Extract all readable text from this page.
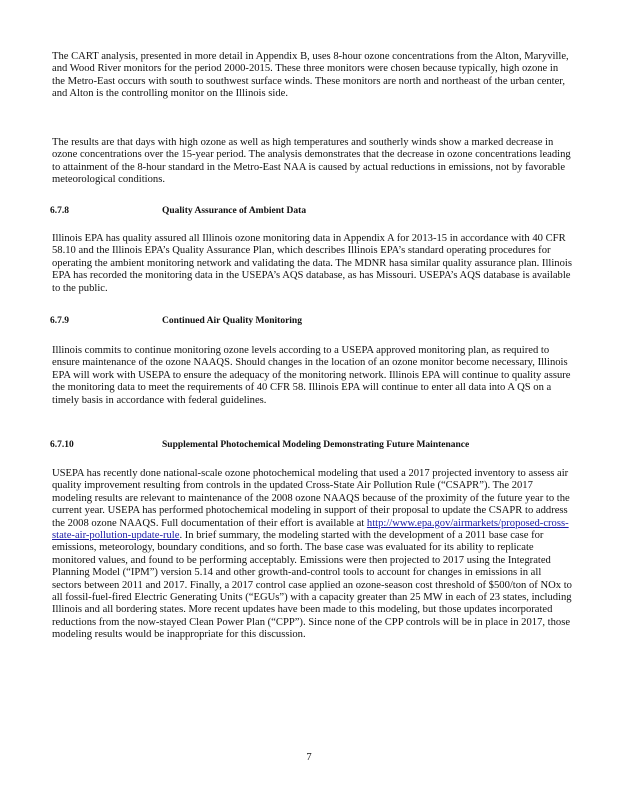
The CART analysis, presented in more detail in Appendix B, uses 8-hour ozone concentrations from the Alton, Maryville, and Wood River monitors for the period 2000-2015. These three monitors were chosen because typically, high ozone in the Metro-East occurs with south to southwest surface winds. These monitors are north and northeast of the urban center, and Alton is the controlling monitor on the Illinois side.

The results are that days with high ozone as well as high temperatures and southerly winds show a marked decrease in ozone concentrations over the 15-year period. The analysis demonstrates that the decrease in ozone concentrations leading to attainment of the 8-hour standard in the Metro-East NAA is caused by actual reductions in emissions, not by favorable meteorological conditions.

6.7.8	Quality Assurance of Ambient Data

Illinois EPA has quality assured all Illinois ozone monitoring data in Appendix A for 2013-15 in accordance with 40 CFR 58.10 and the Illinois EPA’s Quality Assurance Plan, which describes Illinois EPA’s standard operating procedures for operating the ambient monitoring network and validating the data. The MDNR hasa similar quality assurance plan. Illinois EPA has recorded the monitoring data in the USEPA’s AQS database, as has Missouri. USEPA’s AQS database is available to the public.

6.7.9	Continued Air Quality Monitoring

Illinois commits to continue monitoring ozone levels according to a USEPA approved monitoring plan, as required to ensure maintenance of the ozone NAAQS. Should changes in the location of an ozone monitor become necessary, Illinois EPA will work with USEPA to ensure the adequacy of the monitoring network. Illinois EPA will continue to quality assure the monitoring data to meet the requirements of 40 CFR 58. Illinois EPA will continue to enter all data into A QS on a timely basis in accordance with federal guidelines.

6.7.10	Supplemental Photochemical Modeling Demonstrating Future Maintenance

USEPA has recently done national-scale ozone photochemical modeling that used a 2017 projected inventory to assess air quality improvement resulting from controls in the updated Cross-State Air Pollution Rule (“CSAPR”). The 2017 modeling results are relevant to maintenance of the 2008 ozone NAAQS because of the proximity of the future year to the current year. USEPA has performed photochemical modeling in support of their proposal to update the CSAPR to address the 2008 ozone NAAQS. Full documentation of their effort is available at http://www.epa.gov/airmarkets/proposed-cross-state-air-pollution-update-rule. In brief summary, the modeling started with the development of a 2011 base case for emissions, meteorology, boundary conditions, and so forth. The base case was evaluated for its ability to replicate monitored values, and found to be performing acceptably. Emissions were then projected to 2017 using the Integrated Planning Model (“IPM”) version 5.14 and other growth-and-control tools to account for changes in emissions in all sectors between 2011 and 2017. Finally, a 2017 control case applied an ozone-season cost threshold of $500/ton of NOx to all fossil-fuel-fired Electric Generating Units (“EGUs”) with a capacity greater than 25 MW in each of 23 states, including Illinois and all bordering states. More recent updates have been made to this modeling, but those updates incorporated reductions from the now-stayed Clean Power Plan (“CPP”). Since none of the CPP controls will be in place in 2017, those modeling results would be inappropriate for this discussion.

7
